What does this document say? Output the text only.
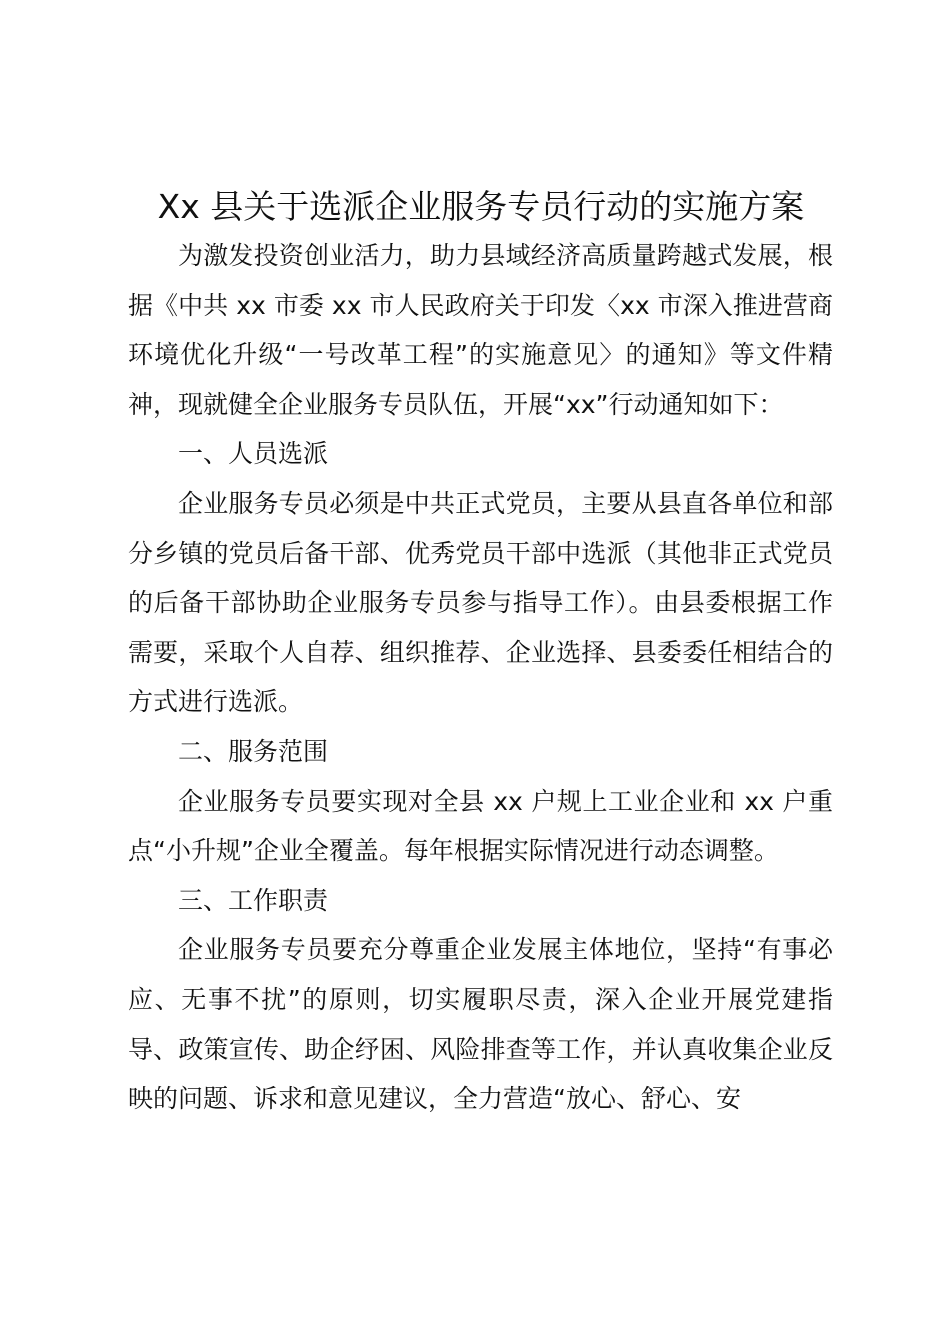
Xx 县关于选派企业服务专员行动的实施方案

为激发投资创业活力，助力县域经济高质量跨越式发展，根据《中共 xx 市委 xx 市人民政府关于印发〈xx 市深入推进营商环境优化升级“一号改革工程”的实施意见〉的通知》等文件精神，现就健全企业服务专员队伍，开展“xx”行动通知如下：

一、人员选派

企业服务专员必须是中共正式党员，主要从县直各单位和部分乡镇的党员后备干部、优秀党员干部中选派（其他非正式党员的后备干部协助企业服务专员参与指导工作）。由县委根据工作需要，采取个人自荐、组织推荐、企业选择、县委委任相结合的方式进行选派。

二、服务范围

企业服务专员要实现对全县 xx 户规上工业企业和 xx 户重点“小升规”企业全覆盖。每年根据实际情况进行动态调整。

三、工作职责

企业服务专员要充分尊重企业发展主体地位，坚持“有事必应、无事不扰”的原则，切实履职尽责，深入企业开展党建指导、政策宣传、助企纾困、风险排查等工作，并认真收集企业反映的问题、诉求和意见建议，全力营造“放心、舒心、安
